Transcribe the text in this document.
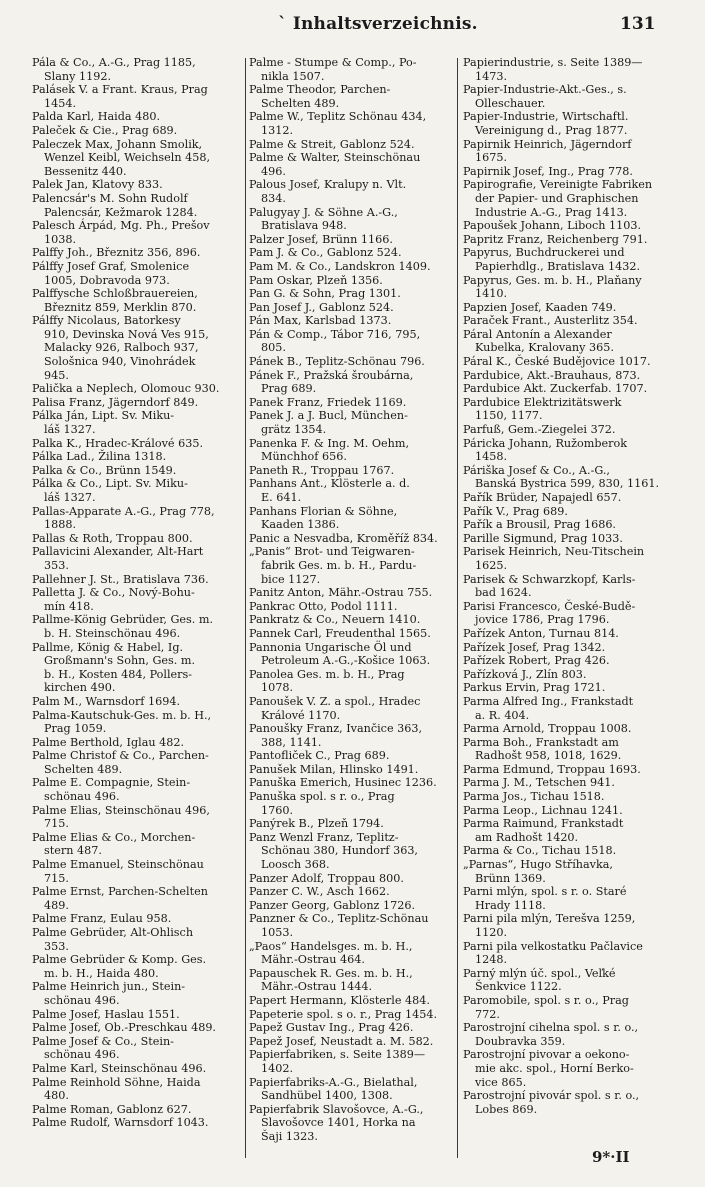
` Inhaltsverzeichnis.	131

Pála & Co., A.-G., Prag 1185,
Slany 1192.

Palásek V. a Frant. Kraus, Prag
1454.

Palda Karl, Haida 480.

Paleček & Cie., Prag 689.

Paleczek Max, Johann Smolik,
Wenzel Keibl, Weichseln 458,
Bessenitz 440.

Palek Jan, Klatovy 833.

Palencsár's M. Sohn Rudolf
Palencsár, Kežmarok 1284.

Palesch Árpád, Mg. Ph., Prešov
1038.

Palffy Joh., Březnitz 356, 896.

Pálffy Josef Graf, Smolenice
1005, Dobravoda 973.

Palffysche Schloßbrauereien,
Březnitz 859, Merklin 870.

Pálffy Nicolaus, Batorkesy
910, Devinska Nová Ves 915,
Malacky 926, Ralboch 937,
Sološnica 940, Vinohrádek
945.

Palička a Neplech, Olomouc 930.

Palisa Franz, Jägerndorf 849.

Pálka Ján, Lipt. Sv. Miku-
láš 1327.

Palka K., Hradec-Králové 635.

Pálka Lad., Žilina 1318.

Palka & Co., Brünn 1549.

Pálka & Co., Lipt. Sv. Miku-
láš 1327.

Pallas-Apparate A.-G., Prag 778,
1888.

Pallas & Roth, Troppau 800.

Pallavicini Alexander, Alt-Hart
353.

Pallehner J. St., Bratislava 736.

Palletta J. & Co., Nový-Bohu-
mín 418.

Pallme-König Gebrüder, Ges. m.
b. H. Steinschönau 496.

Pallme, König & Habel, Ig.
Großmann's Sohn, Ges. m.
b. H., Kosten 484, Pollers-
kirchen 490.

Palm M., Warnsdorf 1694.

Palma-Kautschuk-Ges. m. b. H.,
Prag 1059.

Palme Berthold, Iglau 482.

Palme Christof & Co., Parchen-
Schelten 489.

Palme E. Compagnie, Stein-
schönau 496.

Palme Elias, Steinschönau 496,
715.

Palme Elias & Co., Morchen-
stern 487.

Palme Emanuel, Steinschönau
715.

Palme Ernst, Parchen-Schelten
489.

Palme Franz, Eulau 958.

Palme Gebrüder, Alt-Ohlisch
353.

Palme Gebrüder & Komp. Ges.
m. b. H., Haida 480.

Palme Heinrich jun., Stein-
schönau 496.

Palme Josef, Haslau 1551.

Palme Josef, Ob.-Preschkau 489.

Palme Josef & Co., Stein-
schönau 496.

Palme Karl, Steinschönau 496.

Palme Reinhold Söhne, Haida
480.

Palme Roman, Gablonz 627.

Palme Rudolf, Warnsdorf 1043.

Palme - Stumpe & Comp., Po-
nikla 1507.

Palme Theodor, Parchen-
Schelten 489.

Palme W., Teplitz Schönau 434,
1312.

Palme & Streit, Gablonz 524.

Palme & Walter, Steinschönau
496.

Palous Josef, Kralupy n. Vlt.
834.

Palugyay J. & Söhne A.-G.,
Bratislava 948.

Palzer Josef, Brünn 1166.

Pam J. & Co., Gablonz 524.

Pam M. & Co., Landskron 1409.

Pam Oskar, Plzeň 1356.

Pan G. & Sohn, Prag 1301.

Pan Josef J., Gablonz 524.

Pán Max, Karlsbad 1373.

Pán & Comp., Tábor 716, 795,
805.

Pánek B., Teplitz-Schönau 796.

Pánek F., Pražská šroubárna,
Prag 689.

Panek Franz, Friedek 1169.

Panek J. a J. Bucl, München-
grätz 1354.

Panenka F. & Ing. M. Oehm,
Münchhof 656.

Paneth R., Troppau 1767.

Panhans Ant., Klösterle a. d.
E. 641.

Panhans Florian & Söhne,
Kaaden 1386.

Panic a Nesvadba, Kroměříž 834.

„Panis“ Brot- und Teigwaren-
fabrik Ges. m. b. H., Pardu-
bice 1127.

Panitz Anton, Mähr.-Ostrau 755.

Pankrac Otto, Podol 1111.

Pankratz & Co., Neuern 1410.

Pannek Carl, Freudenthal 1565.

Pannonia Ungarische Öl und
Petroleum A.-G.,-Košice 1063.

Panolea Ges. m. b. H., Prag
1078.

Panoušek V. Z. a spol., Hradec
Králové 1170.

Panoušky Franz, Ivančice 363,
388, 1141.

Pantofliček C., Prag 689.

Panušek Milan, Hlinsko 1491.

Panuška Emerich, Husinec 1236.

Panuška spol. s r. o., Prag
1760.

Panýrek B., Plzeň 1794.

Panz Wenzl Franz, Teplitz-
Schönau 380, Hundorf 363,
Loosch 368.

Panzer Adolf, Troppau 800.

Panzer C. W., Asch 1662.

Panzer Georg, Gablonz 1726.

Panzner & Co., Teplitz-Schönau
1053.

„Paos“ Handelsges. m. b. H.,
Mähr.-Ostrau 464.

Papauschek R. Ges. m. b. H.,
Mähr.-Ostrau 1444.

Papert Hermann, Klösterle 484.

Papeterie spol. s o. r., Prag 1454.

Papež Gustav Ing., Prag 426.

Papež Josef, Neustadt a. M. 582.

Papierfabriken, s. Seite 1389—
1402.

Papierfabriks-A.-G., Bielathal,
Sandhübel 1400, 1308.

Papierfabrik Slavošovce, A.-G.,
Slavošovce 1401, Horka na
Šaji 1323.

Papierindustrie, s. Seite 1389—
1473.

Papier-Industrie-Akt.-Ges., s.
Olleschauer.

Papier-Industrie, Wirtschaftl.
Vereinigung d., Prag 1877.

Papirnik Heinrich, Jägerndorf
1675.

Papirnik Josef, Ing., Prag 778.

Papirografie, Vereinigte Fabriken
der Papier- und Graphischen
Industrie A.-G., Prag 1413.

Papoušek Johann, Liboch 1103.

Papritz Franz, Reichenberg 791.

Papyrus, Buchdruckerei und
Papierhdlg., Bratislava 1432.

Papyrus, Ges. m. b. H., Plaňany
1410.

Papzien Josef, Kaaden 749.

Paraček Frant., Austerlitz 354.

Páral Antonín a Alexander
Kubelka, Kralovany 365.

Páral K., České Budějovice 1017.

Pardubice, Akt.-Brauhaus, 873.

Pardubice Akt. Zuckerfab. 1707.

Pardubice Elektrizitätswerk
1150, 1177.

Parfuß, Gem.-Ziegelei 372.

Páricka Johann, Ružomberok
1458.

Páriška Josef & Co., A.-G.,
Banská Bystrica 599, 830, 1161.

Pařík Brüder, Napajedl 657.

Pařík V., Prag 689.

Pařík a Brousil, Prag 1686.

Parille Sigmund, Prag 1033.

Parisek Heinrich, Neu-Titschein
1625.

Parisek & Schwarzkopf, Karls-
bad 1624.

Parisi Francesco, České-Budě-
jovice 1786, Prag 1796.

Pařízek Anton, Turnau 814.

Pařízek Josef, Prag 1342.

Pařízek Robert, Prag 426.

Pařízková J., Zlín 803.

Parkus Ervin, Prag 1721.

Parma Alfred Ing., Frankstadt
a. R. 404.

Parma Arnold, Troppau 1008.

Parma Boh., Frankstadt am
Radhošt 958, 1018, 1629.

Parma Edmund, Troppau 1693.

Parma J. M., Tetschen 941.

Parma Jos., Tichau 1518.

Parma Leop., Lichnau 1241.

Parma Raimund, Frankstadt
am Radhošt 1420.

Parma & Co., Tichau 1518.

„Parnas“, Hugo Stříhavka,
Brünn 1369.

Parni mlýn, spol. s r. o. Staré
Hrady 1118.

Parni pila mlýn, Terešva 1259,
1120.

Parni pila velkostatku Pačlavice
1248.

Parný mlýn úč. spol., Veľké
Šenkvice 1122.

Paromobile, spol. s r. o., Prag
772.

Parostrojní cihelna spol. s r. o.,
Doubravka 359.

Parostrojní pivovar a oekono-
mie akc. spol., Horní Berko-
vice 865.

Parostrojní pivovár spol. s r. o.,
Lobes 869.

9*·II
